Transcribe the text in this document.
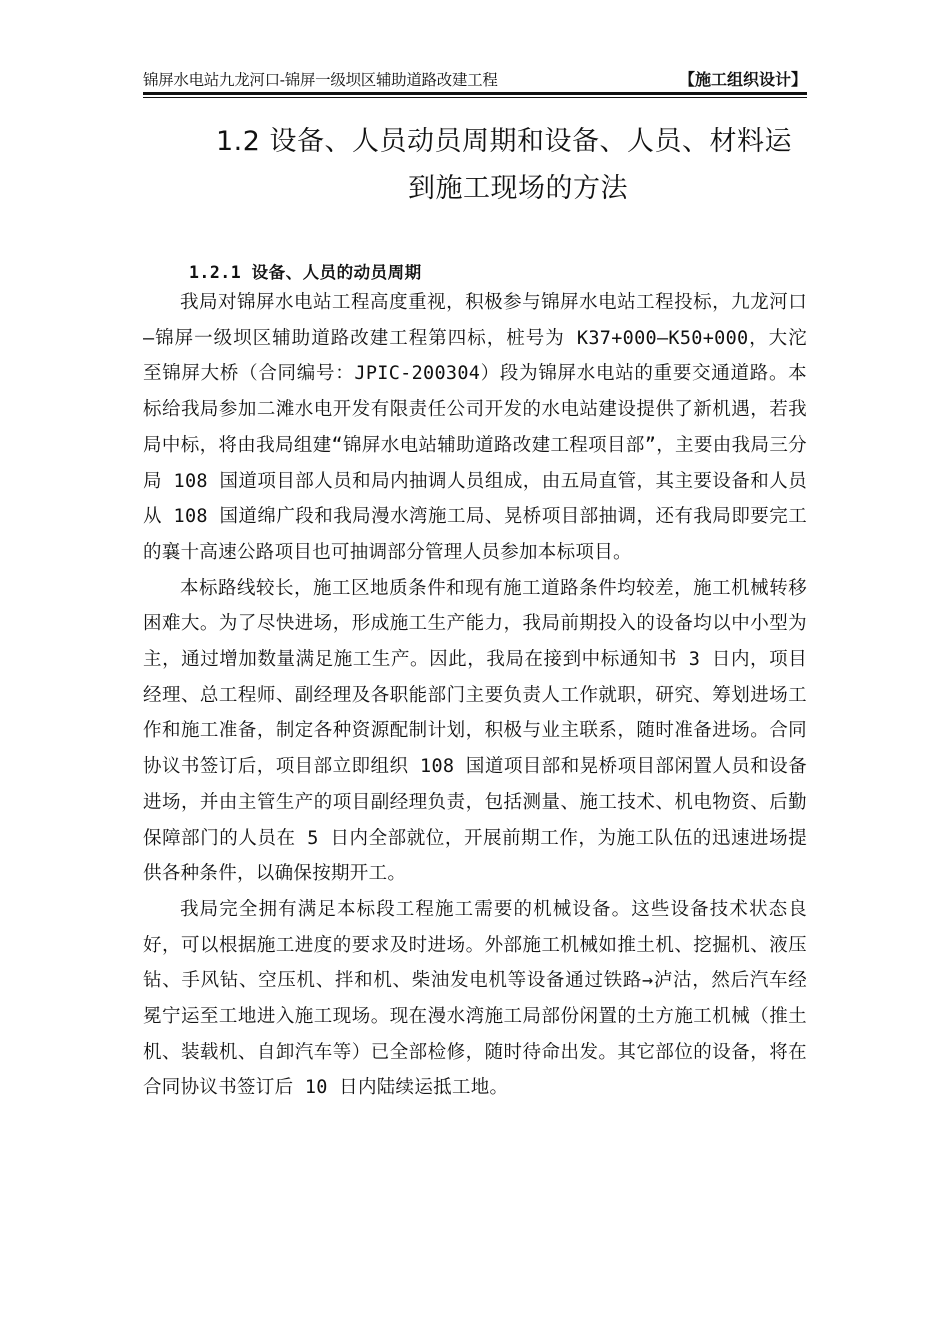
锦屏水电站九龙河口-锦屏一级坝区辅助道路改建工程	【施工组织设计】
1.2 设备、人员动员周期和设备、人员、材料运
到施工现场的方法
1.2.1 设备、人员的动员周期

我局对锦屏水电站工程高度重视，积极参与锦屏水电站工程投标，九龙河口—锦屏一级坝区辅助道路改建工程第四标，桩号为 K37+000—K50+000，大沱至锦屏大桥（合同编号：JPIC-200304）段为锦屏水电站的重要交通道路。本标给我局参加二滩水电开发有限责任公司开发的水电站建设提供了新机遇，若我局中标，将由我局组建“锦屏水电站辅助道路改建工程项目部”，主要由我局三分局 108 国道项目部人员和局内抽调人员组成，由五局直管，其主要设备和人员从 108 国道绵广段和我局漫水湾施工局、晃桥项目部抽调，还有我局即要完工的襄十高速公路项目也可抽调部分管理人员参加本标项目。

本标路线较长，施工区地质条件和现有施工道路条件均较差，施工机械转移困难大。为了尽快进场，形成施工生产能力，我局前期投入的设备均以中小型为主，通过增加数量满足施工生产。因此，我局在接到中标通知书 3 日内，项目经理、总工程师、副经理及各职能部门主要负责人工作就职，研究、筹划进场工作和施工准备，制定各种资源配制计划，积极与业主联系，随时准备进场。合同协议书签订后，项目部立即组织 108 国道项目部和晃桥项目部闲置人员和设备进场，并由主管生产的项目副经理负责，包括测量、施工技术、机电物资、后勤保障部门的人员在 5 日内全部就位，开展前期工作，为施工队伍的迅速进场提供各种条件，以确保按期开工。

我局完全拥有满足本标段工程施工需要的机械设备。这些设备技术状态良好，可以根据施工进度的要求及时进场。外部施工机械如推土机、挖掘机、液压钻、手风钻、空压机、拌和机、柴油发电机等设备通过铁路→泸沽，然后汽车经冕宁运至工地进入施工现场。现在漫水湾施工局部份闲置的土方施工机械（推土机、装载机、自卸汽车等）已全部检修，随时待命出发。其它部位的设备，将在合同协议书签订后 10 日内陆续运抵工地。
